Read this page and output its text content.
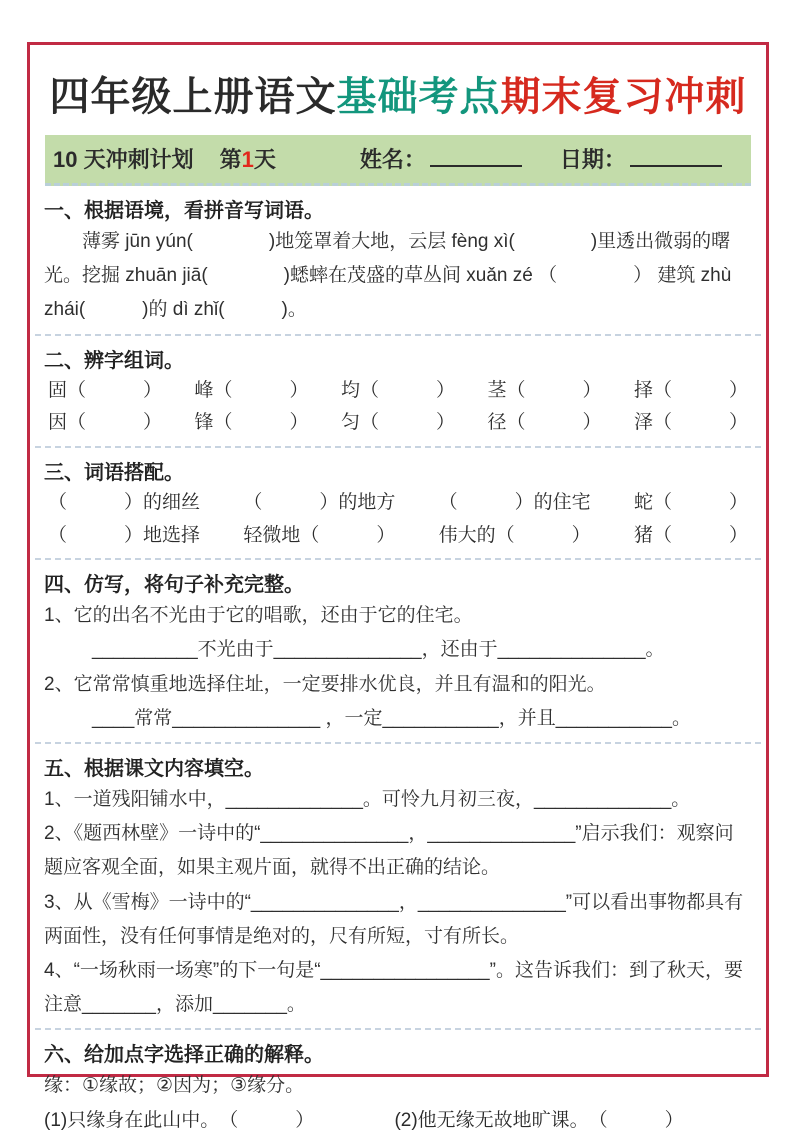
四年级上册语文基础考点期末复习冲刺
10 天冲刺计划 第1天	姓名：	日期：
一、根据语境，看拼音写词语。

薄雾 jūn yún(　　　　)地笼罩着大地，云层 fèng xì(　　　　)里透出微弱的曙光。挖掘 zhuān jiā(　　　　)蟋蟀在茂盛的草丛间 xuǎn zé （　　　　） 建筑 zhù zhái(　　　)的 dì zhǐ(　　　)。

二、辨字组词。
固（　　　） 峰（　　　） 均（　　　） 茎（　　　） 择（　　　）
因（　　　） 锋（　　　） 匀（　　　） 径（　　　） 泽（　　　）
三、词语搭配。
（　　　）的细丝 （　　　）的地方 （　　　）的住宅 蛇（　　　）
（　　　）地选择 轻微地（　　　） 伟大的（　　　） 猪（　　　）
四、仿写，将句子补充完整。

1、它的出名不光由于它的唱歌，还由于它的住宅。

__________不光由于______________，还由于______________。

2、它常常慎重地选择住址，一定要排水优良，并且有温和的阳光。

____常常______________ ，一定___________，并且___________。

五、根据课文内容填空。

1、一道残阳铺水中，_____________。可怜九月初三夜，_____________。

2、《题西林壁》一诗中的“______________，______________”启示我们：观察问题应客观全面，如果主观片面，就得不出正确的结论。

3、从《雪梅》一诗中的“______________，______________”可以看出事物都具有两面性，没有任何事情是绝对的，尺有所短，寸有所长。

4、“一场秋雨一场寒”的下一句是“________________”。这告诉我们：到了秋天，要注意_______，添加_______。

六、给加点字选择正确的解释。

缘：①缘故；②因为；③缘分。

(1)只缘身在此山中。　（　　　）	(2)他无缘无故地旷课。　（　　　）
